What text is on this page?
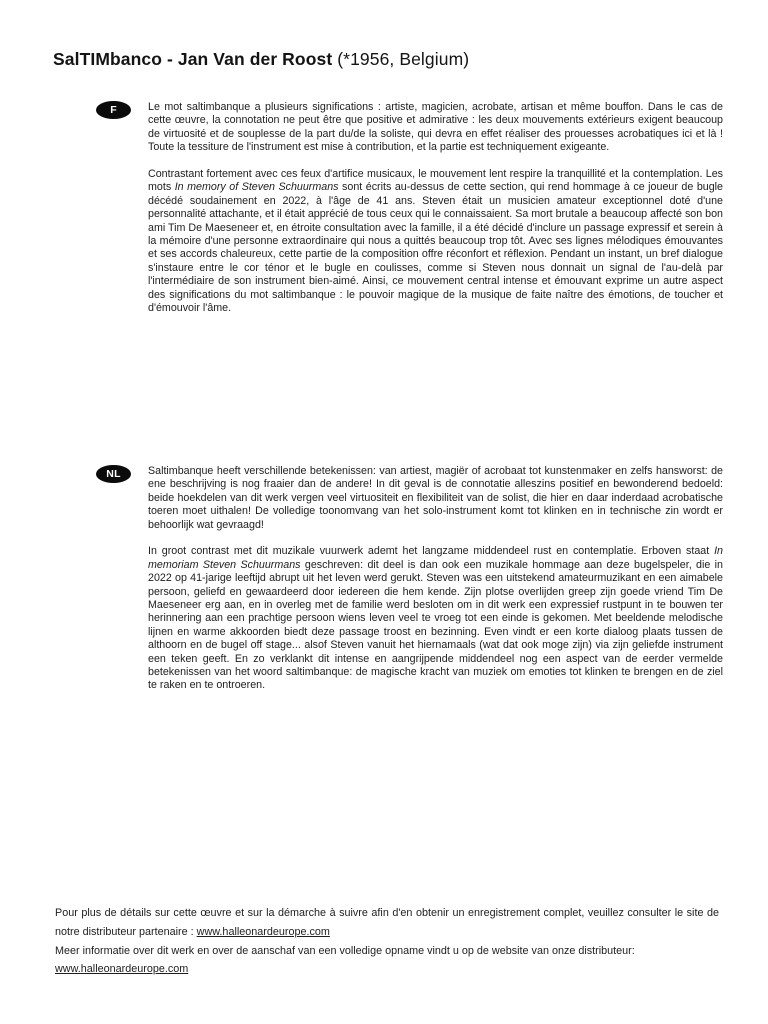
SalTIMbanco - Jan Van der Roost (*1956, Belgium)
F	Le mot saltimbanque a plusieurs significations : artiste, magicien, acrobate, artisan et même bouffon. Dans le cas de cette œuvre, la connotation ne peut être que positive et admirative : les deux mouvements extérieurs exigent beaucoup de virtuosité et de souplesse de la part du/de la soliste, qui devra en effet réaliser des prouesses acrobatiques ici et là ! Toute la tessiture de l'instrument est mise à contribution, et la partie est techniquement exigeante.

Contrastant fortement avec ces feux d'artifice musicaux, le mouvement lent respire la tranquillité et la contemplation. Les mots In memory of Steven Schuurmans sont écrits au-dessus de cette section, qui rend hommage à ce joueur de bugle décédé soudainement en 2022, à l'âge de 41 ans. Steven était un musicien amateur exceptionnel doté d'une personnalité attachante, et il était apprécié de tous ceux qui le connaissaient. Sa mort brutale a beaucoup affecté son bon ami Tim De Maeseneer et, en étroite consultation avec la famille, il a été décidé d'inclure un passage expressif et serein à la mémoire d'une personne extraordinaire qui nous a quittés beaucoup trop tôt. Avec ses lignes mélodiques émouvantes et ses accords chaleureux, cette partie de la composition offre réconfort et réflexion. Pendant un instant, un bref dialogue s'instaure entre le cor ténor et le bugle en coulisses, comme si Steven nous donnait un signal de l'au-delà par l'intermédiaire de son instrument bien-aimé. Ainsi, ce mouvement central intense et émouvant exprime un autre aspect des significations du mot saltimbanque : le pouvoir magique de la musique de faite naître des émotions, de toucher et d'émouvoir l'âme.

NL	Saltimbanque heeft verschillende betekenissen: van artiest, magiër of acrobaat tot kunstenmaker en zelfs hansworst: de ene beschrijving is nog fraaier dan de andere! In dit geval is de connotatie alleszins positief en bewonderend bedoeld: beide hoekdelen van dit werk vergen veel virtuositeit en flexibiliteit van de solist, die hier en daar inderdaad acrobatische toeren moet uithalen! De volledige toonomvang van het solo-instrument komt tot klinken en in technische zin wordt er behoorlijk wat gevraagd!

In groot contrast met dit muzikale vuurwerk ademt het langzame middendeel rust en contemplatie. Erboven staat In memoriam Steven Schuurmans geschreven: dit deel is dan ook een muzikale hommage aan deze bugelspeler, die in 2022 op 41-jarige leeftijd abrupt uit het leven werd gerukt. Steven was een uitstekend amateurmuzikant en een aimabele persoon, geliefd en gewaardeerd door iedereen die hem kende. Zijn plotse overlijden greep zijn goede vriend Tim De Maeseneer erg aan, en in overleg met de familie werd besloten om in dit werk een expressief rustpunt in te bouwen ter herinnering aan een prachtige persoon wiens leven veel te vroeg tot een einde is gekomen. Met beeldende melodische lijnen en warme akkoorden biedt deze passage troost en bezinning. Even vindt er een korte dialoog plaats tussen de althoorn en de bugel off stage... alsof Steven vanuit het hiernamaals (wat dat ook moge zijn) via zijn geliefde instrument een teken geeft. En zo verklankt dit intense en aangrijpende middendeel nog een aspect van de eerder vermelde betekenissen van het woord saltimbanque: de magische kracht van muziek om emoties tot klinken te brengen en de ziel te raken en te ontroeren.

Pour plus de détails sur cette œuvre et sur la démarche à suivre afin d'en obtenir un enregistrement complet, veuillez consulter le site de notre distributeur partenaire : www.halleonardeurope.com
Meer informatie over dit werk en over de aanschaf van een volledige opname vindt u op de website van onze distributeur:
www.halleonardeurope.com
